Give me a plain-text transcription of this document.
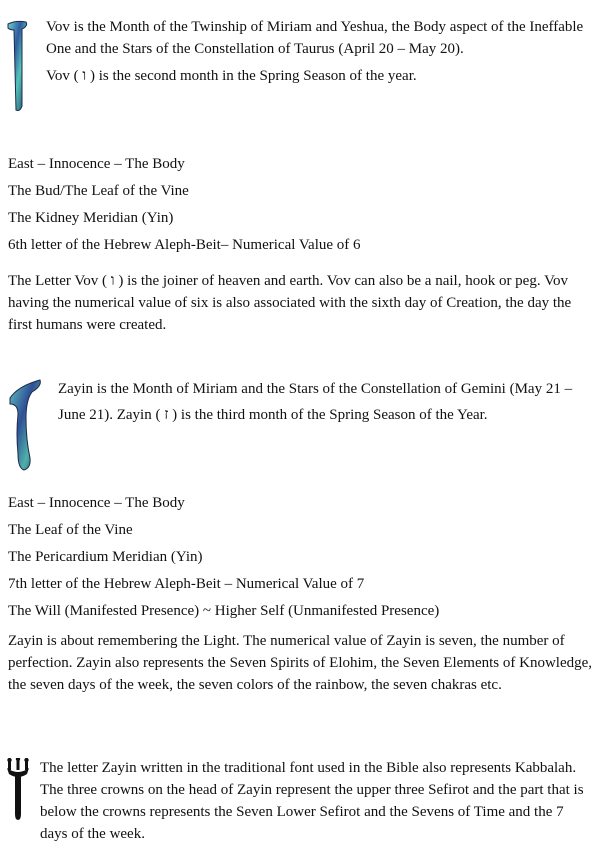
Vov is the Month of the Twinship of Miriam and Yeshua, the Body aspect of the Ineffable One and the Stars of the Constellation of Taurus (April 20 – May 20).

Vov ( ו ) is the second month in the Spring Season of the year.

East – Innocence – The Body

The Bud/The Leaf of the Vine

The Kidney Meridian (Yin)

6th letter of the Hebrew Aleph-Beit– Numerical Value of 6

The Letter Vov ( ו ) is the joiner of heaven and earth. Vov can also be a nail, hook or peg. Vov having the numerical value of six is also associated with the sixth day of Creation, the day the first humans were created.

Zayin is the Month of Miriam and the Stars of the Constellation of Gemini (May 21 – June 21). Zayin ( ז ) is the third month of the Spring Season of the Year.

East – Innocence – The Body

The Leaf of the Vine

The Pericardium Meridian (Yin)

7th letter of the Hebrew Aleph-Beit – Numerical Value of 7

The Will (Manifested Presence) ~ Higher Self (Unmanifested Presence)

Zayin is about remembering the Light. The numerical value of Zayin is seven, the number of perfection. Zayin also represents the Seven Spirits of Elohim, the Seven Elements of Knowledge, the seven days of the week, the seven colors of the rainbow, the seven chakras etc.

The letter Zayin written in the traditional font used in the Bible also represents Kabbalah. The three crowns on the head of Zayin represent the upper three Sefirot and the part that is below the crowns represents the Seven Lower Sefirot and the Sevens of Time and the 7 days of the week.
